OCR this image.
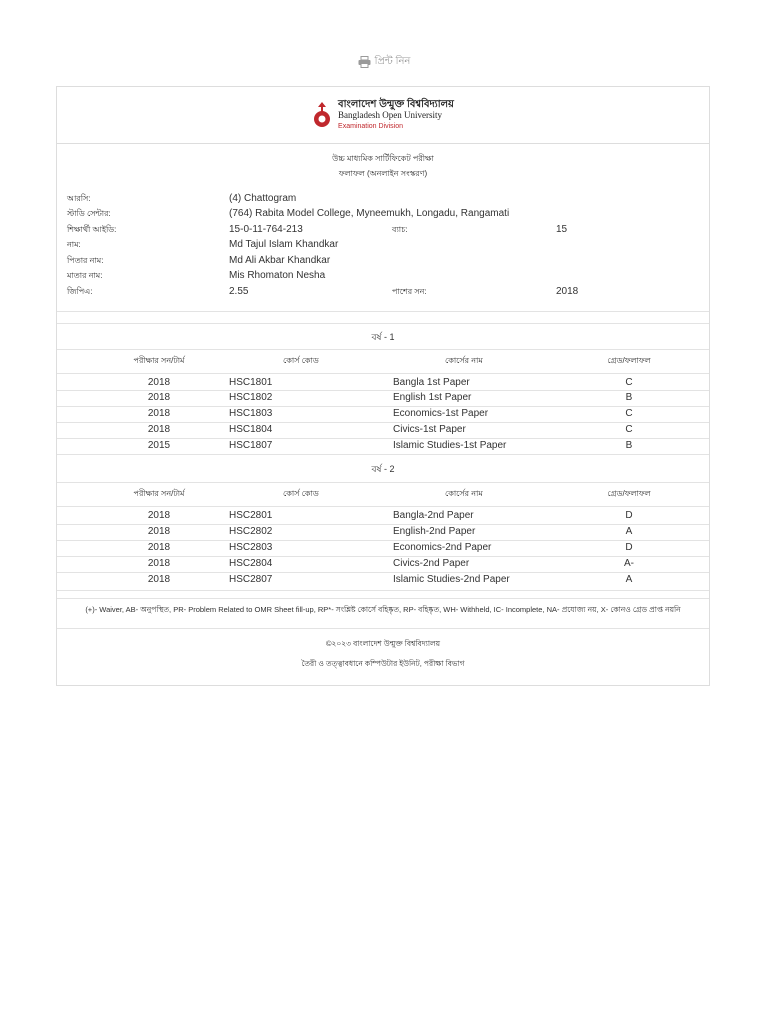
প্রিন্ট নিন
বাংলাদেশ উন্মুক্ত বিশ্ববিদ্যালয়
Bangladesh Open University
Examination Division
উচ্চ মাধ্যমিক সার্টিফিকেট পরীক্ষা
ফলাফল (অনলাইন সংস্করণ)
আরসি:	(4) Chattogram
স্টাডি সেন্টার:	(764) Rabita Model College, Myneemukh, Longadu, Rangamati
শিক্ষার্থী আইডি:	15-0-11-764-213	ব্যাচ:	15
নাম:	Md Tajul Islam Khandkar
পিতার নাম:	Md Ali Akbar Khandkar
মাতার নাম:	Mis Rhomaton Nesha
জিপিএ:	2.55	পাশের সন:	2018
বর্ষ - 1
পরীক্ষার সন/টার্ম	কোর্স কোড	কোর্সের নাম	গ্রেড/ফলাফল
2018	HSC1801	Bangla 1st Paper	C
2018	HSC1802	English 1st Paper	B
2018	HSC1803	Economics-1st Paper	C
2018	HSC1804	Civics-1st Paper	C
2015	HSC1807	Islamic Studies-1st Paper	B
বর্ষ - 2
পরীক্ষার সন/টার্ম	কোর্স কোড	কোর্সের নাম	গ্রেড/ফলাফল
2018	HSC2801	Bangla-2nd Paper	D
2018	HSC2802	English-2nd Paper	A
2018	HSC2803	Economics-2nd Paper	D
2018	HSC2804	Civics-2nd Paper	A-
2018	HSC2807	Islamic Studies-2nd Paper	A
(+)- Waiver, AB- অনুপস্থিত, PR- Problem Related to OMR Sheet fill-up, RP*- সংশ্লিষ্ট কোর্সে বহিষ্কৃত, RP- বহিষ্কৃত, WH- Withheld, IC- Incomplete, NA- প্রযোজ্য নয়, X- কোনও গ্রেড প্রাপ্ত নয়নি
©২০২৩ বাংলাদেশ উন্মুক্ত বিশ্ববিদ্যালয়
তৈরী ও তত্ত্বাবধানে কম্পিউটার ইউনিট, পরীক্ষা বিভাগ
